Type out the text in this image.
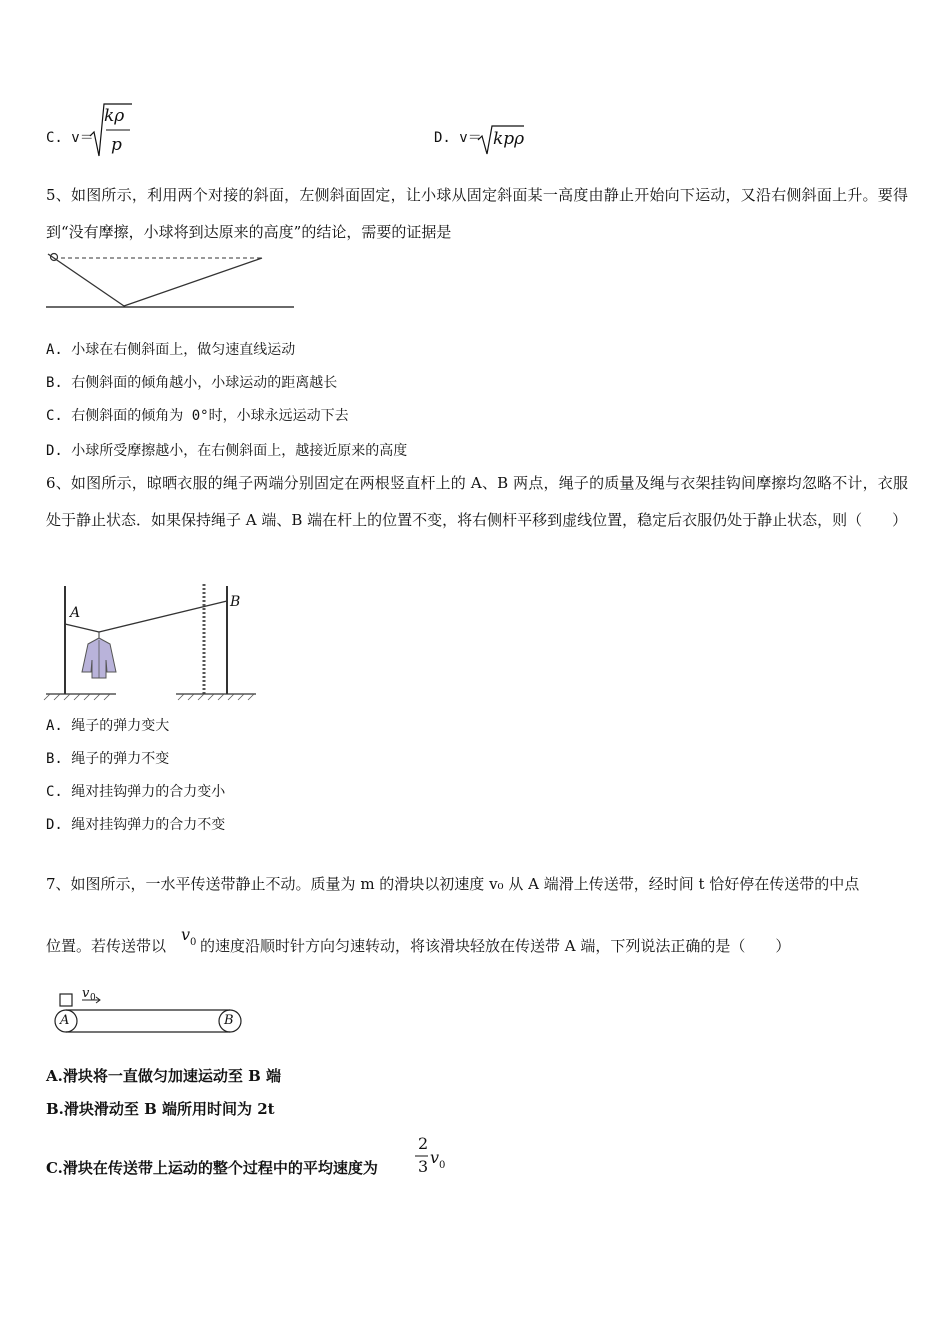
C. v＝
kρ
p	D. v＝ kpρ
5、如图所示，利用两个对接的斜面，左侧斜面固定，让小球从固定斜面某一高度由静止开始向下运动，又沿右侧斜面上升。要得到“没有摩擦，小球将到达原来的高度”的结论，需要的证据是
A. 小球在右侧斜面上，做匀速直线运动
B. 右侧斜面的倾角越小，小球运动的距离越长
C. 右侧斜面的倾角为 0°时，小球永远运动下去
D. 小球所受摩擦越小，在右侧斜面上，越接近原来的高度
6、如图所示，晾晒衣服的绳子两端分别固定在两根竖直杆上的 A、B 两点，绳子的质量及绳与衣架挂钩间摩擦均忽略不计，衣服处于静止状态．如果保持绳子 A 端、B 端在杆上的位置不变，将右侧杆平移到虚线位置，稳定后衣服仍处于静止状态，则（　　）
A
B
A. 绳子的弹力变大
B. 绳子的弹力不变
C. 绳对挂钩弹力的合力变小
D. 绳对挂钩弹力的合力不变
7、如图所示，一水平传送带静止不动。质量为 m 的滑块以初速度 v₀ 从 A 端滑上传送带，经时间 t 恰好停在传送带的中点
位置。若传送带以
v 0 的速度沿顺时针方向匀速转动，将该滑块轻放在传送带 A 端，下列说法正确的是（　　）
v 0
A	B
A.滑块将一直做匀加速运动至 B 端
B.滑块滑动至 B 端所用时间为 2t
C.滑块在传送带上运动的整个过程中的平均速度为
2
3 v 0
